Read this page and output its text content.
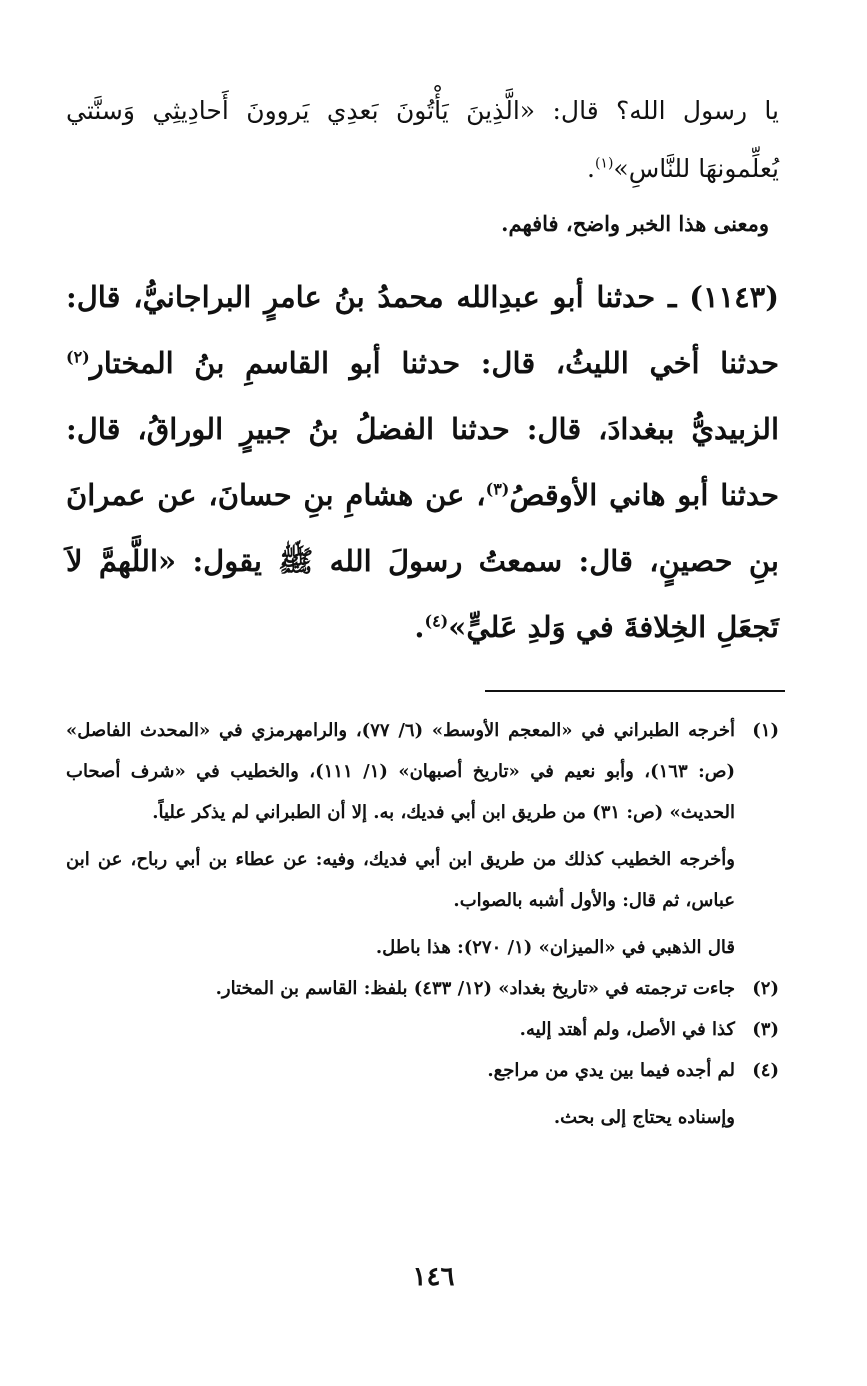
يا رسول الله؟ قال: «الَّذِينَ يَأْتُونَ بَعدِي يَروونَ أَحادِيثِي وَسنَّتي يُعلِّمونهَا للنَّاسِ»$^{(١)}$.

ومعنى هذا الخبر واضح، فافهم.

(١١٤٣) ـ حدثنا أبو عبدِالله محمدُ بنُ عامرٍ البراجانيُّ، قال: حدثنا أخي الليثُ، قال: حدثنا أبو القاسمِ بنُ المختار$^{(٢)}$ الزبيديُّ ببغدادَ، قال: حدثنا الفضلُ بنُ جبيرٍ الوراقُ، قال: حدثنا أبو هاني الأوقصُ$^{(٣)}$، عن هشامِ بنِ حسانَ، عن عمرانَ بنِ حصينٍ، قال: سمعتُ رسولَ الله ﷺ يقول: «اللَّهمَّ لاَ تَجعَلِ الخِلافةَ في وَلدِ عَليٍّ»$^{(٤)}$.

(١)
أخرجه الطبراني في «المعجم الأوسط» (٦/ ٧٧)، والرامهرمزي في «المحدث الفاصل» (ص: ١٦٣)، وأبو نعيم في «تاريخ أصبهان» (١/ ١١١)، والخطيب في «شرف أصحاب الحديث» (ص: ٣١) من طريق ابن أبي فديك، به. إلا أن الطبراني لم يذكر علياً.

وأخرجه الخطيب كذلك من طريق ابن أبي فديك، وفيه: عن عطاء بن أبي رباح، عن ابن عباس، ثم قال: والأول أشبه بالصواب.

قال الذهبي في «الميزان» (١/ ٢٧٠): هذا باطل.

(٢)
جاءت ترجمته في «تاريخ بغداد» (١٢/ ٤٣٣) بلفظ: القاسم بن المختار.
(٣)
كذا في الأصل، ولم أهتد إليه.
(٤)
لم أجده فيما بين يدي من مراجع.

وإسناده يحتاج إلى بحث.

١٤٦
